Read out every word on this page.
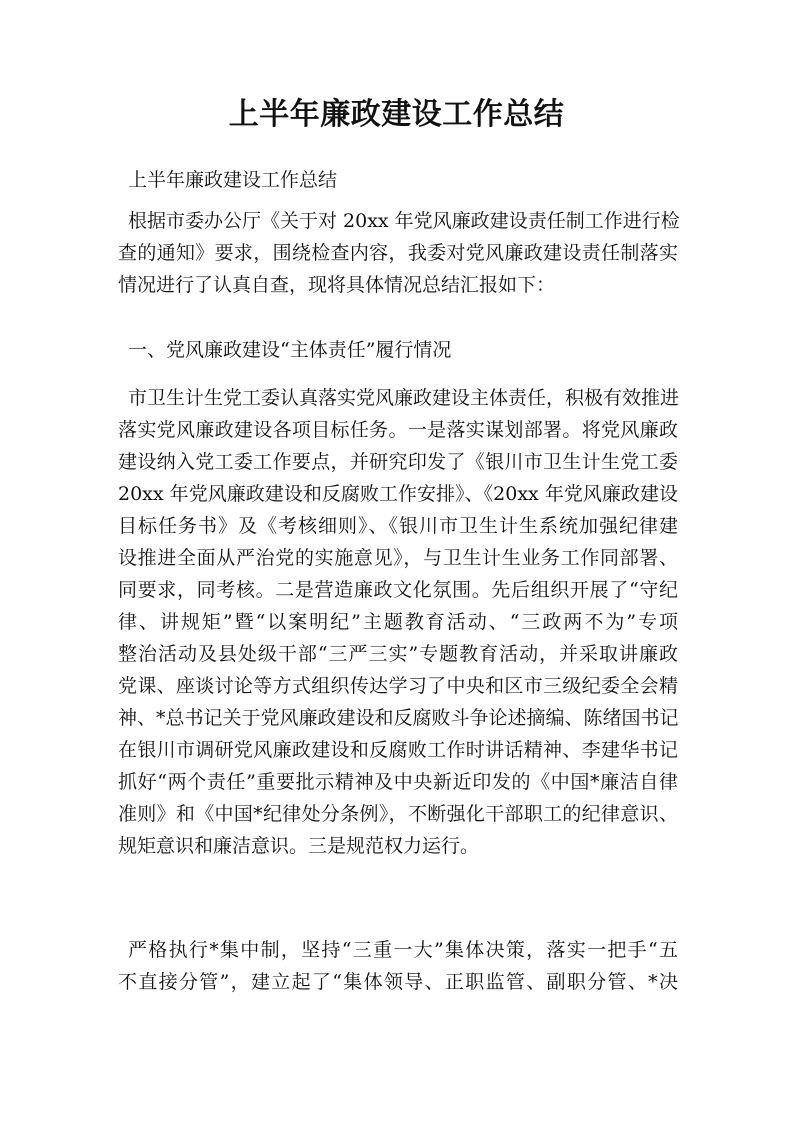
上半年廉政建设工作总结

上半年廉政建设工作总结

根据市委办公厅《关于对 20xx 年党风廉政建设责任制工作进行检
查的通知》要求，围绕检查内容，我委对党风廉政建设责任制落实
情况进行了认真自查，现将具体情况总结汇报如下：

一、党风廉政建设“主体责任”履行情况

市卫生计生党工委认真落实党风廉政建设主体责任，积极有效推进
落实党风廉政建设各项目标任务。一是落实谋划部署。将党风廉政
建设纳入党工委工作要点，并研究印发了《银川市卫生计生党工委
20xx 年党风廉政建设和反腐败工作安排》、《20xx 年党风廉政建设
目标任务书》及《考核细则》、《银川市卫生计生系统加强纪律建
设推进全面从严治党的实施意见》，与卫生计生业务工作同部署、
同要求，同考核。二是营造廉政文化氛围。先后组织开展了“守纪
律、讲规矩”暨“以案明纪”主题教育活动、“三政两不为”专项
整治活动及县处级干部“三严三实”专题教育活动，并采取讲廉政
党课、座谈讨论等方式组织传达学习了中央和区市三级纪委全会精
神、*总书记关于党风廉政建设和反腐败斗争论述摘编、陈绪国书记
在银川市调研党风廉政建设和反腐败工作时讲话精神、李建华书记
抓好“两个责任”重要批示精神及中央新近印发的《中国*廉洁自律
准则》和《中国*纪律处分条例》，不断强化干部职工的纪律意识、
规矩意识和廉洁意识。三是规范权力运行。

严格执行*集中制，坚持“三重一大”集体决策，落实一把手“五
不直接分管”，建立起了“集体领导、正职监管、副职分管、*决
